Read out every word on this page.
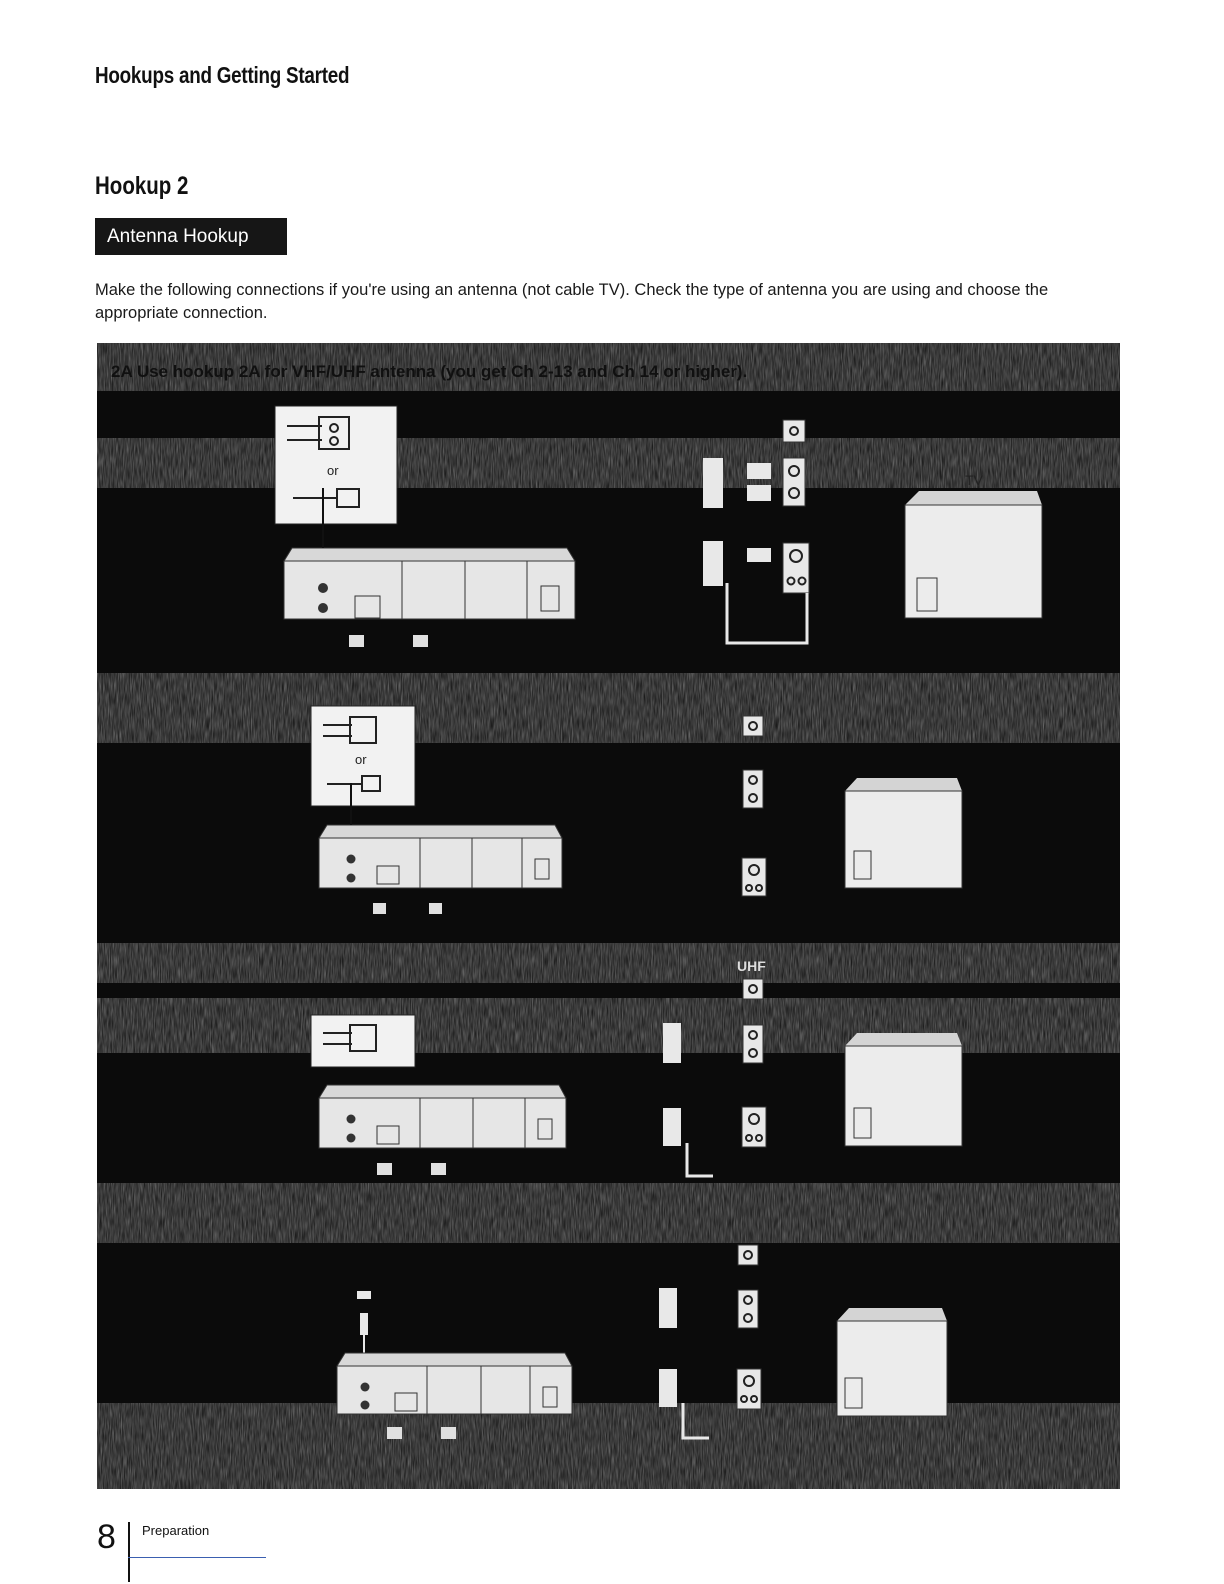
Hookups and Getting Started
Hookup 2
Antenna Hookup
Make the following connections if you're using an antenna (not cable TV). Check the type of antenna you are using and choose the appropriate connection.
2A Use hookup 2A for VHF/UHF antenna (you get Ch 2-13 and Ch 14 or higher).
or
TV
or
UHF
8 Preparation
